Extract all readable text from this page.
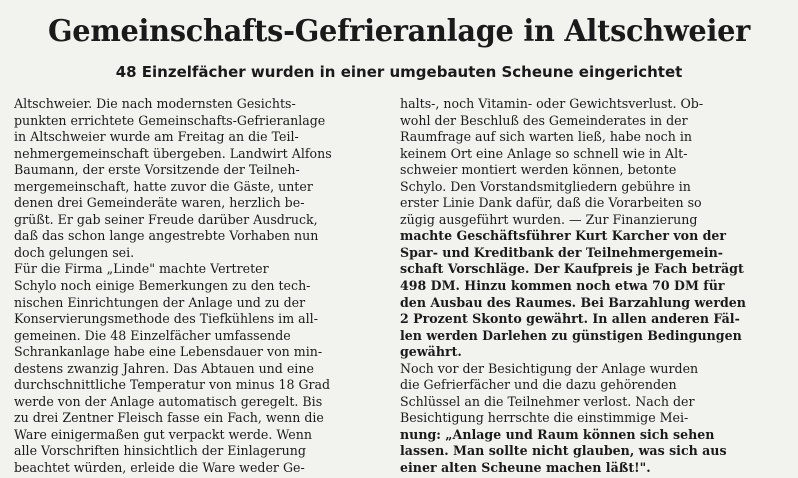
Gemeinschafts-Gefrieranlage in Altschweier
48 Einzelfächer wurden in einer umgebauten Scheune eingerichtet
Altschweier. Die nach modernsten Gesichts-
punkten errichtete Gemeinschafts-Gefrieranlage
in Altschweier wurde am Freitag an die Teil-
nehmergemeinschaft übergeben. Landwirt Alfons
Baumann, der erste Vorsitzende der Teilneh-
mergemeinschaft, hatte zuvor die Gäste, unter
denen drei Gemeinderäte waren, herzlich be-
grüßt. Er gab seiner Freude darüber Ausdruck,
daß das schon lange angestrebte Vorhaben nun
doch gelungen sei.
Für die Firma „Linde" machte Vertreter
Schylo noch einige Bemerkungen zu den tech-
nischen Einrichtungen der Anlage und zu der
Konservierungsmethode des Tiefkühlens im all-
gemeinen. Die 48 Einzelfächer umfassende
Schrankanlage habe eine Lebensdauer von min-
destens zwanzig Jahren. Das Abtauen und eine
durchschnittliche Temperatur von minus 18 Grad
werde von der Anlage automatisch geregelt. Bis
zu drei Zentner Fleisch fasse ein Fach, wenn die
Ware einigermaßen gut verpackt werde. Wenn
alle Vorschriften hinsichtlich der Einlagerung
beachtet würden, erleide die Ware weder Ge-
halts-, noch Vitamin- oder Gewichtsverlust. Ob-
wohl der Beschluß des Gemeinderates in der
Raumfrage auf sich warten ließ, habe noch in
keinem Ort eine Anlage so schnell wie in Alt-
schweier montiert werden können, betonte
Schylo. Den Vorstandsmitgliedern gebühre in
erster Linie Dank dafür, daß die Vorarbeiten so
zügig ausgeführt wurden. — Zur Finanzierung
machte Geschäftsführer Kurt Karcher von der
Spar- und Kreditbank der Teilnehmergemein-
schaft Vorschläge. Der Kaufpreis je Fach beträgt
498 DM. Hinzu kommen noch etwa 70 DM für
den Ausbau des Raumes. Bei Barzahlung werden
2 Prozent Skonto gewährt. In allen anderen Fäl-
len werden Darlehen zu günstigen Bedingungen
gewährt.
Noch vor der Besichtigung der Anlage wurden
die Gefrierfächer und die dazu gehörenden
Schlüssel an die Teilnehmer verlost. Nach der
Besichtigung herrschte die einstimmige Mei-
nung: „Anlage und Raum können sich sehen
lassen. Man sollte nicht glauben, was sich aus
einer alten Scheune machen läßt!".
